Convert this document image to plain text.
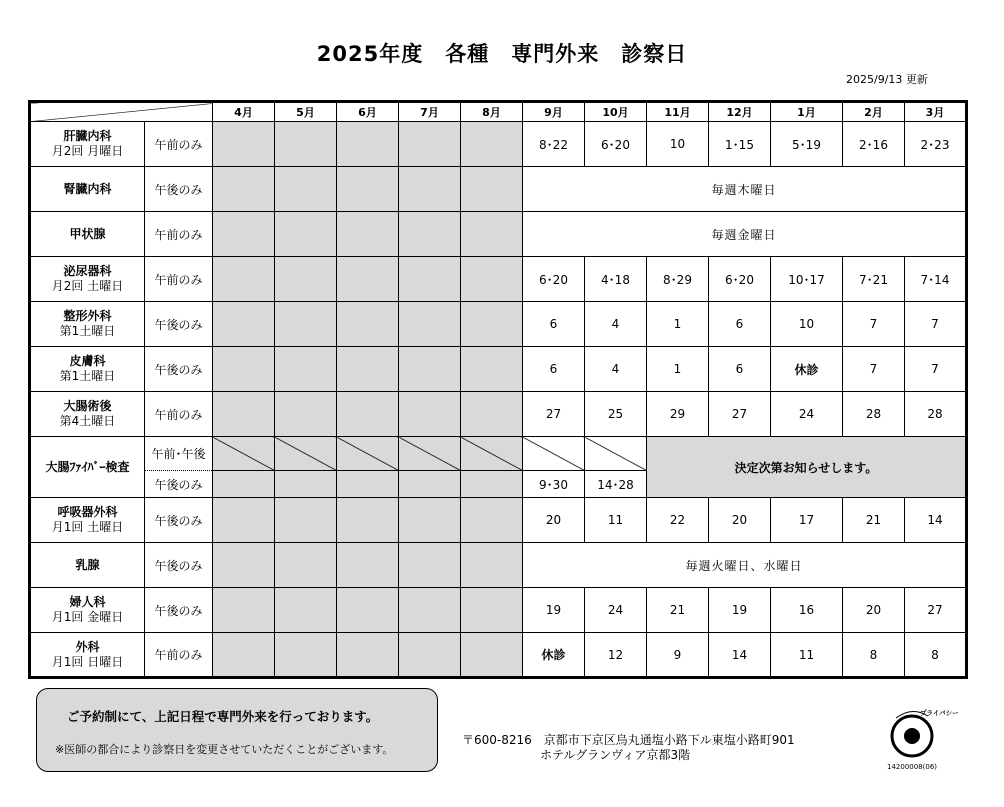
2025年度　各種　専門外来　診察日
2025/9/13 更新
		4月	5月	6月	7月	8月	9月	10月	11月	12月	1月	2月	3月

肝臓内科
月2回 月曜日	午前のみ						8･22	6･20	10	1･15	5･19	2･16	2･23

腎臓内科	午後のみ						毎週木曜日						

甲状腺	午前のみ						毎週金曜日						

泌尿器科
月2回 土曜日	午前のみ						6･20	4･18	8･29	6･20	10･17	7･21	7･14

整形外科
第1土曜日	午後のみ						6	4	1	6	10	7	7

皮膚科
第1土曜日	午後のみ						6	4	1	6	休診	7	7

大腸術後
第4土曜日	午前のみ						27	25	29	27	24	28	28
大腸ﾌｧｲﾊﾞｰ検査	午前･午後								決定次第お知らせします。				
	午後のみ						9･30	14･28					

呼吸器外科
月1回 土曜日	午後のみ						20	11	22	20	17	21	14

乳腺	午後のみ						毎週火曜日、水曜日						

婦人科
月1回 金曜日	午後のみ						19	24	21	19	16	20	27

外科
月1回 日曜日	午前のみ						休診	12	9	14	11	8	8
ご予約制にて、上記日程で専門外来を行っております。
※医師の都合により診察日を変更させていただくことがございます。
〒600-8216　京都市下京区烏丸通塩小路下ル東塩小路町901
ホテルグランヴィア京都3階
プライバシー
14200008(06)
